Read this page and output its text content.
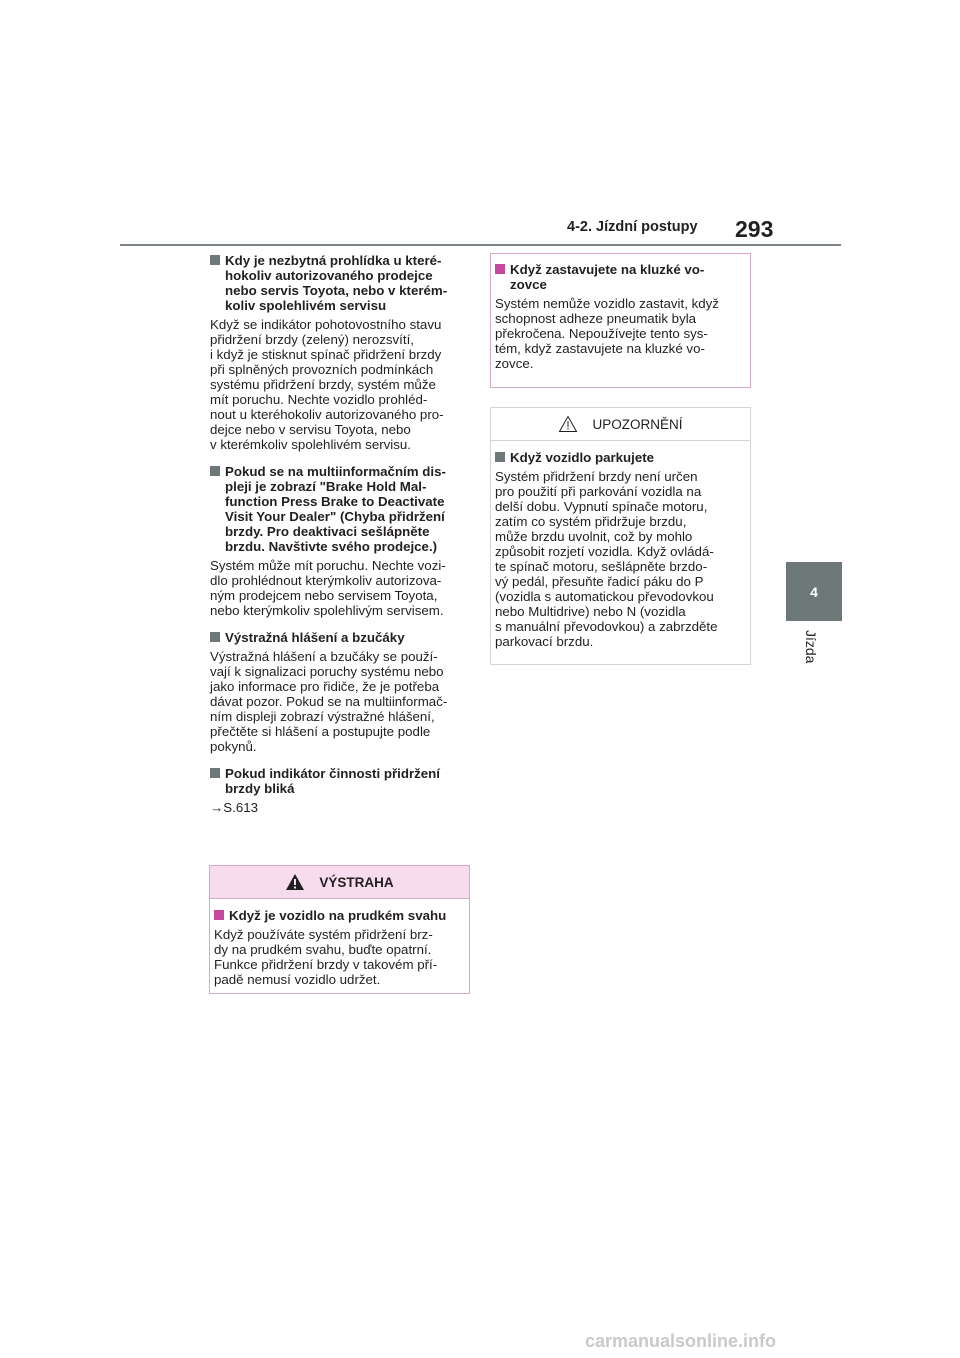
293
4-2. Jízdní postupy
4
Jízda
Kdy je nezbytná prohlídka u které-
hokoliv autorizovaného prodejce
nebo servis Toyota, nebo v kterém-
koliv spolehlivém servisu
Když se indikátor pohotovostního stavu
přidržení brzdy (zelený) nerozsvítí,
i když je stisknut spínač přidržení brzdy
při splněných provozních podmínkách
systému přidržení brzdy, systém může
mít poruchu. Nechte vozidlo prohléd-
nout u kteréhokoliv autorizovaného pro-
dejce nebo v servisu Toyota, nebo
v kterémkoliv spolehlivém servisu.
Pokud se na multiinformačním dis-
pleji je zobrazí "Brake Hold Mal-
function Press Brake to Deactivate
Visit Your Dealer" (Chyba přidržení
brzdy. Pro deaktivaci sešlápněte
brzdu. Navštivte svého prodejce.)
Systém může mít poruchu. Nechte vozi-
dlo prohlédnout kterýmkoliv autorizova-
ným prodejcem nebo servisem Toyota,
nebo kterýmkoliv spolehlivým servisem.
Výstražná hlášení a bzučáky
Výstražná hlášení a bzučáky se použí-
vají k signalizaci poruchy systému nebo
jako informace pro řidiče, že je potřeba
dávat pozor. Pokud se na multiinformač-
ním displeji zobrazí výstražné hlášení,
přečtěte si hlášení a postupujte podle
pokynů.
Pokud indikátor činnosti přidržení
brzdy bliká
→S.613
VÝSTRAHA
Když je vozidlo na prudkém svahu
Když používáte systém přidržení brz-
dy na prudkém svahu, buďte opatrní.
Funkce přidržení brzdy v takovém pří-
padě nemusí vozidlo udržet.
Když zastavujete na kluzké vo-
zovce
Systém nemůže vozidlo zastavit, když
schopnost adheze pneumatik byla
překročena. Nepoužívejte tento sys-
tém, když zastavujete na kluzké vo-
zovce.
UPOZORNĚNÍ
Když vozidlo parkujete
Systém přidržení brzdy není určen
pro použití při parkování vozidla na
delší dobu. Vypnutí spínače motoru,
zatím co systém přidržuje brzdu,
může brzdu uvolnit, což by mohlo
způsobit rozjetí vozidla. Když ovládá-
te spínač motoru, sešlápněte brzdo-
vý pedál, přesuňte řadicí páku do P
(vozidla s automatickou převodovkou
nebo Multidrive) nebo N (vozidla
s manuální převodovkou) a zabrzděte
parkovací brzdu.
carmanualsonline.info
